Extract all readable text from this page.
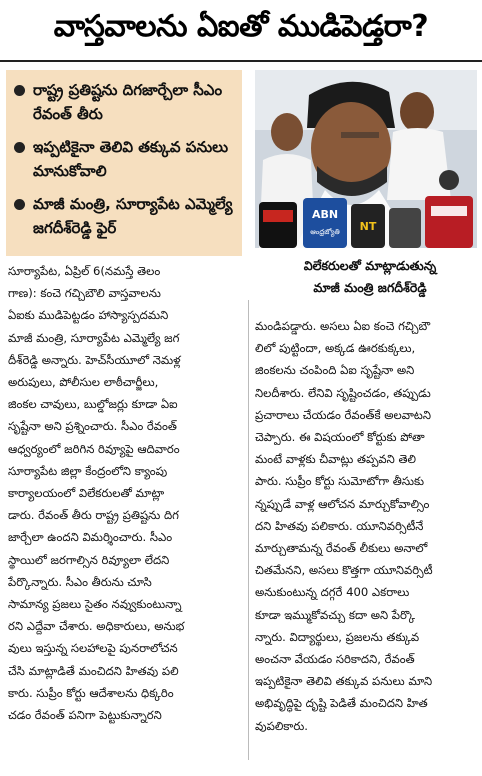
వాస్తవాలను ఏఐతో ముడిపెడ్తరా?
రాష్ట్ర ప్రతిష్టను దిగజార్చేలా సీఎం రేవంత్ తీరు
ఇప్పటికైనా తెలివి తక్కువ పనులు మానుకోవాలి
మాజీ మంత్రి, సూర్యాపేట ఎమ్మెల్యే జగదీశ్‌రెడ్డి ఫైర్
ABN
ఆంధ్రజ్యోతి NT
విలేకరులతో మాట్లాడుతున్న
మాజీ మంత్రి జగదీశ్‌రెడ్డి
సూర్యాపేట, ఏప్రిల్ 6(నమస్తే తెలం
గాణ): కంచె గచ్చిబౌలి వాస్తవాలను
ఏఐకు ముడిపెట్టడం హాస్యాస్పదమని
మాజీ మంత్రి, సూర్యాపేట ఎమ్మెల్యే జగ
దీశ్‌రెడ్డి అన్నారు. హెచ్‌సీయూలో నెమళ్ల
అరుపులు, పోలీసుల లాఠీచార్జీలు,
జింకల చావులు, బుల్డోజర్లు కూడా ఏఐ
సృష్టేనా అని ప్రశ్నించారు. సీఎం రేవంత్
ఆధ్వర్యంలో జరిగిన రివ్యూపై ఆదివారం
సూర్యాపేట జిల్లా కేంద్రంలోని క్యాంపు
కార్యాలయంలో విలేకరులతో మాట్లా
డారు. రేవంత్ తీరు రాష్ట్ర ప్రతిష్టను దిగ
జార్చేలా ఉందని విమర్శించారు. సీఎం
స్థాయిలో జరగాల్సిన రివ్యూలా లేదని
పేర్కొన్నారు. సీఎం తీరును చూసి
సామాన్య ప్రజలు సైతం నవ్వుకుంటున్నా
రని ఎద్దేవా చేశారు. అధికారులు, అనుభ
వులు ఇస్తున్న సలహాలపై పునరాలోచన
చేసి మాట్లాడితే మంచిదని హితవు పలి
కారు. సుప్రీం కోర్టు ఆదేశాలను ధిక్కరిం
చడం రేవంత్ పనిగా పెట్టుకున్నారని
మండిపడ్డారు. అసలు ఏఐ కంచె గచ్చిబౌ
లిలో పుట్టిందా, అక్కడ ఊరకుక్కలు,
జింకలను చంపింది ఏఐ సృష్టేనా అని
నిలదీశారు. లేనివి సృష్టించడం, తప్పుడు
ప్రచారాలు చేయడం రేవంత్‌కే అలవాటని
చెప్పారు. ఈ విషయంలో కోర్టుకు పోతా
మంటే వాళ్లకు చీవాట్లు తప్పవని తెలి
పారు. సుప్రీం కోర్టు సుమోటోగా తీసుకు
న్నప్పుడే వాళ్ల ఆలోచన మార్చుకోవాల్సిం
దని హితవు పలికారు. యూనివర్సిటీనే
మార్చుతామన్న రేవంత్ లీకులు అనాలో
చితమేనని, అసలు కొత్తగా యూనివర్సిటీ
అనుకుంటున్న దగ్గరే 400 ఎకరాలు
కూడా ఇమ్ముకోవచ్చు కదా అని పేర్కొ
న్నారు. విద్యార్థులు, ప్రజలను తక్కువ
అంచనా వేయడం సరికాదని, రేవంత్
ఇప్పటికైనా తెలివి తక్కువ పనులు మాని
అభివృద్ధిపై దృష్టి పెడితే మంచిదని హిత
వుపలికారు.
